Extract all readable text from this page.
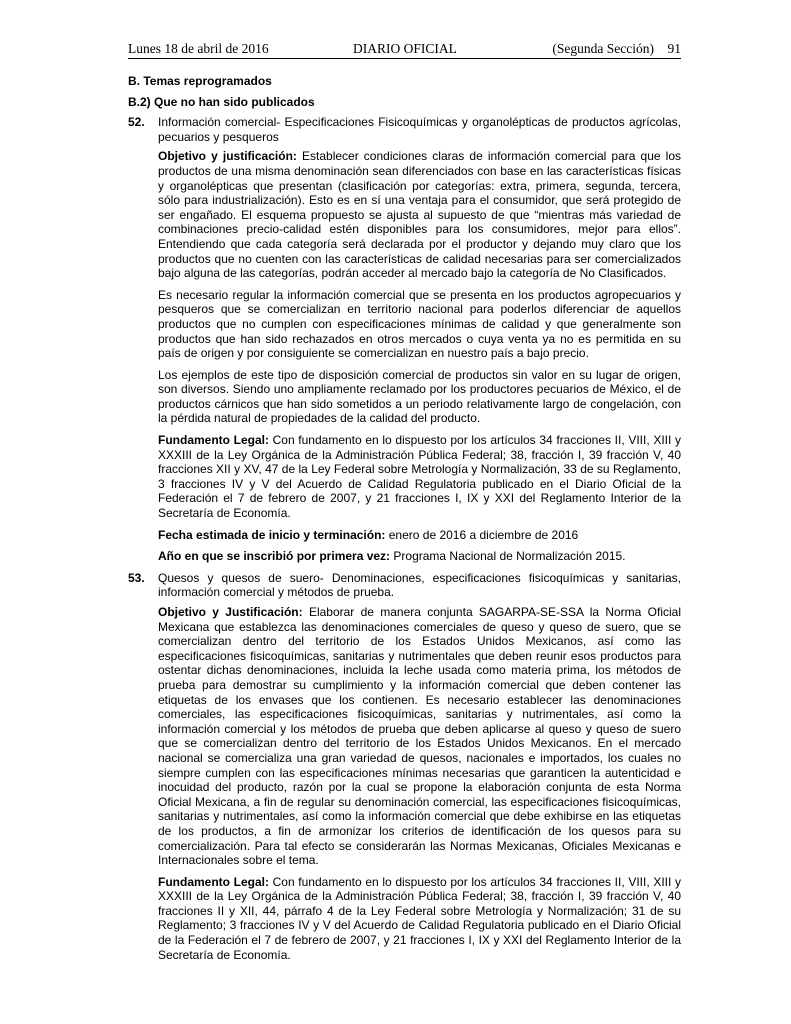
Lunes 18 de abril de 2016	DIARIO OFICIAL	(Segunda Sección) 91
B. Temas reprogramados
B.2) Que no han sido publicados
52.	Información comercial- Especificaciones Fisicoquímicas y organolépticas de productos agrícolas, pecuarios y pesqueros
Objetivo y justificación: Establecer condiciones claras de información comercial para que los productos de una misma denominación sean diferenciados con base en las características físicas y organolépticas que presentan (clasificación por categorías: extra, primera, segunda, tercera, sólo para industrialización). Esto es en sí una ventaja para el consumidor, que será protegido de ser engañado. El esquema propuesto se ajusta al supuesto de que “mientras más variedad de combinaciones precio-calidad estén disponibles para los consumidores, mejor para ellos”. Entendiendo que cada categoría será declarada por el productor y dejando muy claro que los productos que no cuenten con las características de calidad necesarias para ser comercializados bajo alguna de las categorías, podrán acceder al mercado bajo la categoría de No Clasificados.
Es necesario regular la información comercial que se presenta en los productos agropecuarios y pesqueros que se comercializan en territorio nacional para poderlos diferenciar de aquellos productos que no cumplen con especificaciones mínimas de calidad y que generalmente son productos que han sido rechazados en otros mercados o cuya venta ya no es permitida en su país de origen y por consiguiente se comercializan en nuestro país a bajo precio.
Los ejemplos de este tipo de disposición comercial de productos sin valor en su lugar de origen, son diversos. Siendo uno ampliamente reclamado por los productores pecuarios de México, el de productos cárnicos que han sido sometidos a un periodo relativamente largo de congelación, con la pérdida natural de propiedades de la calidad del producto.
Fundamento Legal: Con fundamento en lo dispuesto por los artículos 34 fracciones II, VIII, XIII y XXXIII de la Ley Orgánica de la Administración Pública Federal; 38, fracción I, 39 fracción V, 40 fracciones XII y XV, 47 de la Ley Federal sobre Metrología y Normalización, 33 de su Reglamento, 3 fracciones IV y V del Acuerdo de Calidad Regulatoria publicado en el Diario Oficial de la Federación el 7 de febrero de 2007, y 21 fracciones I, IX y XXI del Reglamento Interior de la Secretaría de Economía.
Fecha estimada de inicio y terminación: enero de 2016 a diciembre de 2016
Año en que se inscribió por primera vez: Programa Nacional de Normalización 2015.
53.	Quesos y quesos de suero- Denominaciones, especificaciones fisicoquímicas y sanitarias, información comercial y métodos de prueba.
Objetivo y Justificación: Elaborar de manera conjunta SAGARPA-SE-SSA la Norma Oficial Mexicana que establezca las denominaciones comerciales de queso y queso de suero, que se comercializan dentro del territorio de los Estados Unidos Mexicanos, así como las especificaciones fisicoquímicas, sanitarias y nutrimentales que deben reunir esos productos para ostentar dichas denominaciones, incluida la leche usada como materia prima, los métodos de prueba para demostrar su cumplimiento y la información comercial que deben contener las etiquetas de los envases que los contienen. Es necesario establecer las denominaciones comerciales, las especificaciones fisicoquímicas, sanitarias y nutrimentales, así como la información comercial y los métodos de prueba que deben aplicarse al queso y queso de suero que se comercializan dentro del territorio de los Estados Unidos Mexicanos. En el mercado nacional se comercializa una gran variedad de quesos, nacionales e importados, los cuales no siempre cumplen con las especificaciones mínimas necesarias que garanticen la autenticidad e inocuidad del producto, razón por la cual se propone la elaboración conjunta de esta Norma Oficial Mexicana, a fin de regular su denominación comercial, las especificaciones fisicoquímicas, sanitarias y nutrimentales, así como la información comercial que debe exhibirse en las etiquetas de los productos, a fin de armonizar los criterios de identificación de los quesos para su comercialización. Para tal efecto se considerarán las Normas Mexicanas, Oficiales Mexicanas e Internacionales sobre el tema.
Fundamento Legal: Con fundamento en lo dispuesto por los artículos 34 fracciones II, VIII, XIII y XXXIII de la Ley Orgánica de la Administración Pública Federal; 38, fracción I, 39 fracción V, 40 fracciones II y XII, 44, párrafo 4 de la Ley Federal sobre Metrología y Normalización; 31 de su Reglamento; 3 fracciones IV y V del Acuerdo de Calidad Regulatoria publicado en el Diario Oficial de la Federación el 7 de febrero de 2007, y 21 fracciones I, IX y XXI del Reglamento Interior de la Secretaría de Economía.
